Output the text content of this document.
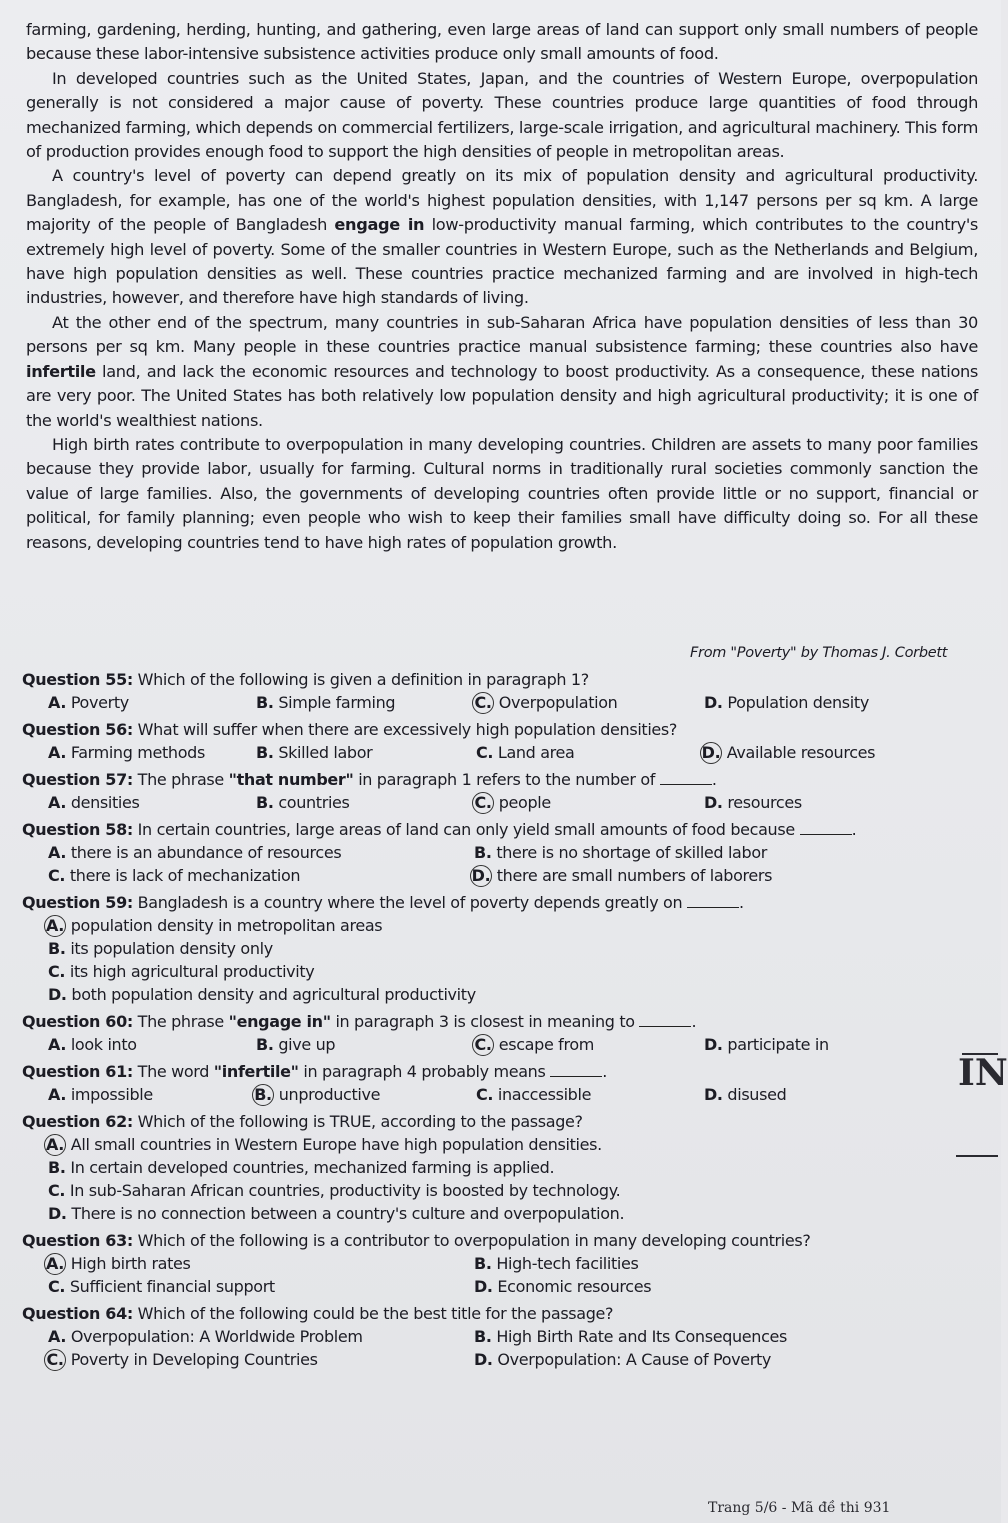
farming, gardening, herding, hunting, and gathering, even large areas of land can support only small numbers of people because these labor-intensive subsistence activities produce only small amounts of food.

In developed countries such as the United States, Japan, and the countries of Western Europe, overpopulation generally is not considered a major cause of poverty. These countries produce large quantities of food through mechanized farming, which depends on commercial fertilizers, large-scale irrigation, and agricultural machinery. This form of production provides enough food to support the high densities of people in metropolitan areas.

A country's level of poverty can depend greatly on its mix of population density and agricultural productivity. Bangladesh, for example, has one of the world's highest population densities, with 1,147 persons per sq km. A large majority of the people of Bangladesh engage in low-productivity manual farming, which contributes to the country's extremely high level of poverty. Some of the smaller countries in Western Europe, such as the Netherlands and Belgium, have high population densities as well. These countries practice mechanized farming and are involved in high-tech industries, however, and therefore have high standards of living.

At the other end of the spectrum, many countries in sub-Saharan Africa have population densities of less than 30 persons per sq km. Many people in these countries practice manual subsistence farming; these countries also have infertile land, and lack the economic resources and technology to boost productivity. As a consequence, these nations are very poor. The United States has both relatively low population density and high agricultural productivity; it is one of the world's wealthiest nations.

High birth rates contribute to overpopulation in many developing countries. Children are assets to many poor families because they provide labor, usually for farming. Cultural norms in traditionally rural societies commonly sanction the value of large families. Also, the governments of developing countries often provide little or no support, financial or political, for family planning; even people who wish to keep their families small have difficulty doing so. For all these reasons, developing countries tend to have high rates of population growth.

From "Poverty" by Thomas J. Corbett
Question 55: Which of the following is given a definition in paragraph 1?
A. Poverty	B. Simple farming	C. Overpopulation	D. Population density
Question 56: What will suffer when there are excessively high population densities?
A. Farming methods	B. Skilled labor	C. Land area	D. Available resources
Question 57: The phrase "that number" in paragraph 1 refers to the number of	.
A. densities	B. countries	C. people	D. resources
Question 58: In certain countries, large areas of land can only yield small amounts of food because	.
A. there is an abundance of resources	B. there is no shortage of skilled labor
C. there is lack of mechanization	D. there are small numbers of laborers
Question 59: Bangladesh is a country where the level of poverty depends greatly on	.
A. population density in metropolitan areas
B. its population density only
C. its high agricultural productivity
D. both population density and agricultural productivity
Question 60: The phrase "engage in" in paragraph 3 is closest in meaning to	.
A. look into	B. give up	C. escape from	D. participate in
Question 61: The word "infertile" in paragraph 4 probably means	.
A. impossible	B. unproductive	C. inaccessible	D. disused
Question 62: Which of the following is TRUE, according to the passage?
A. All small countries in Western Europe have high population densities.
B. In certain developed countries, mechanized farming is applied.
C. In sub-Saharan African countries, productivity is boosted by technology.
D. There is no connection between a country's culture and overpopulation.
Question 63: Which of the following is a contributor to overpopulation in many developing countries?
A. High birth rates	B. High-tech facilities
C. Sufficient financial support	D. Economic resources
Question 64: Which of the following could be the best title for the passage?
A. Overpopulation: A Worldwide Problem	B. High Birth Rate and Its Consequences
C. Poverty in Developing Countries	D. Overpopulation: A Cause of Poverty
IN
Trang 5/6 - Mã đề thi 931
